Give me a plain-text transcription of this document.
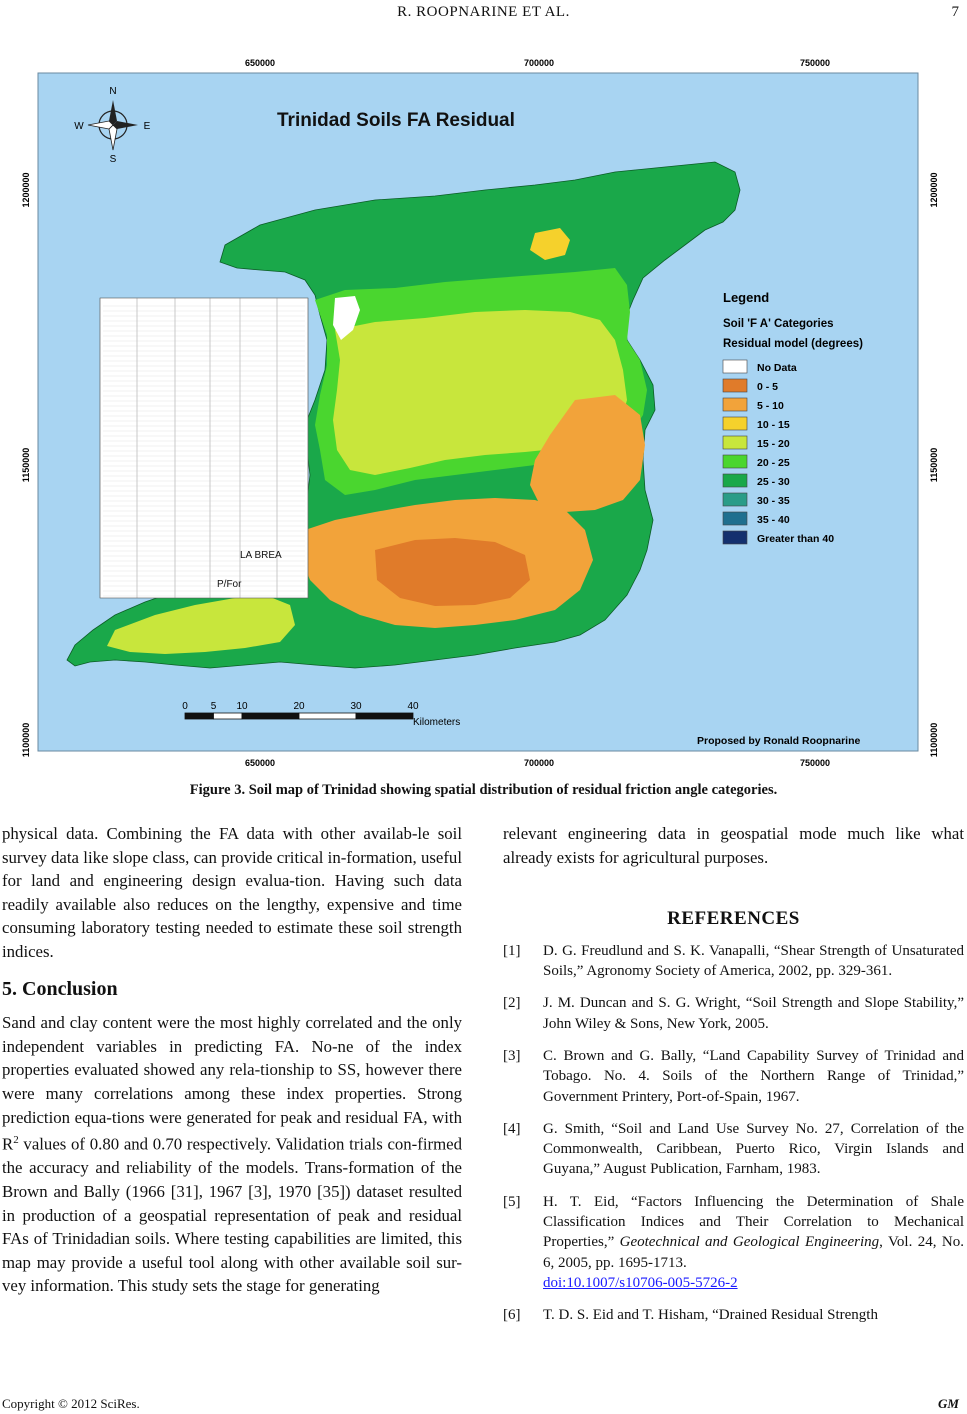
R. ROOPNARINE ET AL.	7
650000	700000	750000
650000	700000	750000
1200000
1150000
1100000
1200000
1150000
1100000
Trinidad Soils FA Residual
N
S
W	E
LA BREA
P/For
Legend
Soil 'F A' Categories
Residual model (degrees)
No Data
0 - 5
5 - 10
10 - 15
15 - 20
20 - 25
25 - 30
30 - 35
35 - 40
Greater than 40
0 5 10	20	30	40
Kilometers
Proposed by Ronald Roopnarine
Figure 3. Soil map of Trinidad showing spatial distribution of residual friction angle categories.

physical data. Combining the FA data with other availab-le soil survey data like slope class, can provide critical in-formation, useful for land and engineering design evalua-tion. Having such data readily available also reduces on the lengthy, expensive and time consuming laboratory testing needed to estimate these soil strength indices.

5. Conclusion

Sand and clay content were the most highly correlated and the only independent variables in predicting FA. No-ne of the index properties evaluated showed any rela-tionship to SS, however there were many correlations among these index properties. Strong prediction equa-tions were generated for peak and residual FA, with $R^2$ values of 0.80 and 0.70 respectively. Validation trials con-firmed the accuracy and reliability of the models. Trans-formation of the Brown and Bally (1966 [31], 1967 [3], 1970 [35]) dataset resulted in production of a geospatial representation of peak and residual FAs of Trinidadian soils. Where testing capabilities are limited, this map may provide a useful tool along with other available soil sur-vey information. This study sets the stage for generating

relevant engineering data in geospatial mode much like what already exists for agricultural purposes.

REFERENCES
[1]	D. G. Freudlund and S. K. Vanapalli, “Shear Strength of Unsaturated Soils,” Agronomy Society of America, 2002, pp. 329-361.
[2]	J. M. Duncan and S. G. Wright, “Soil Strength and Slope Stability,” John Wiley & Sons, New York, 2005.
[3]	C. Brown and G. Bally, “Land Capability Survey of Trinidad and Tobago. No. 4. Soils of the Northern Range of Trinidad,” Government Printery, Port-of-Spain, 1967.
[4]	G. Smith, “Soil and Land Use Survey No. 27, Correlation of the Commonwealth, Caribbean, Puerto Rico, Virgin Islands and Guyana,” August Publication, Farnham, 1983.
[5]	H. T. Eid, “Factors Influencing the Determination of Shale Classification Indices and Their Correlation to Mechanical Properties,” Geotechnical and Geological Engineering, Vol. 24, No. 6, 2005, pp. 1695-1713.
doi:10.1007/s10706-005-5726-2
[6]	T. D. S. Eid and T. Hisham, “Drained Residual Strength
Copyright © 2012 SciRes.	GM
